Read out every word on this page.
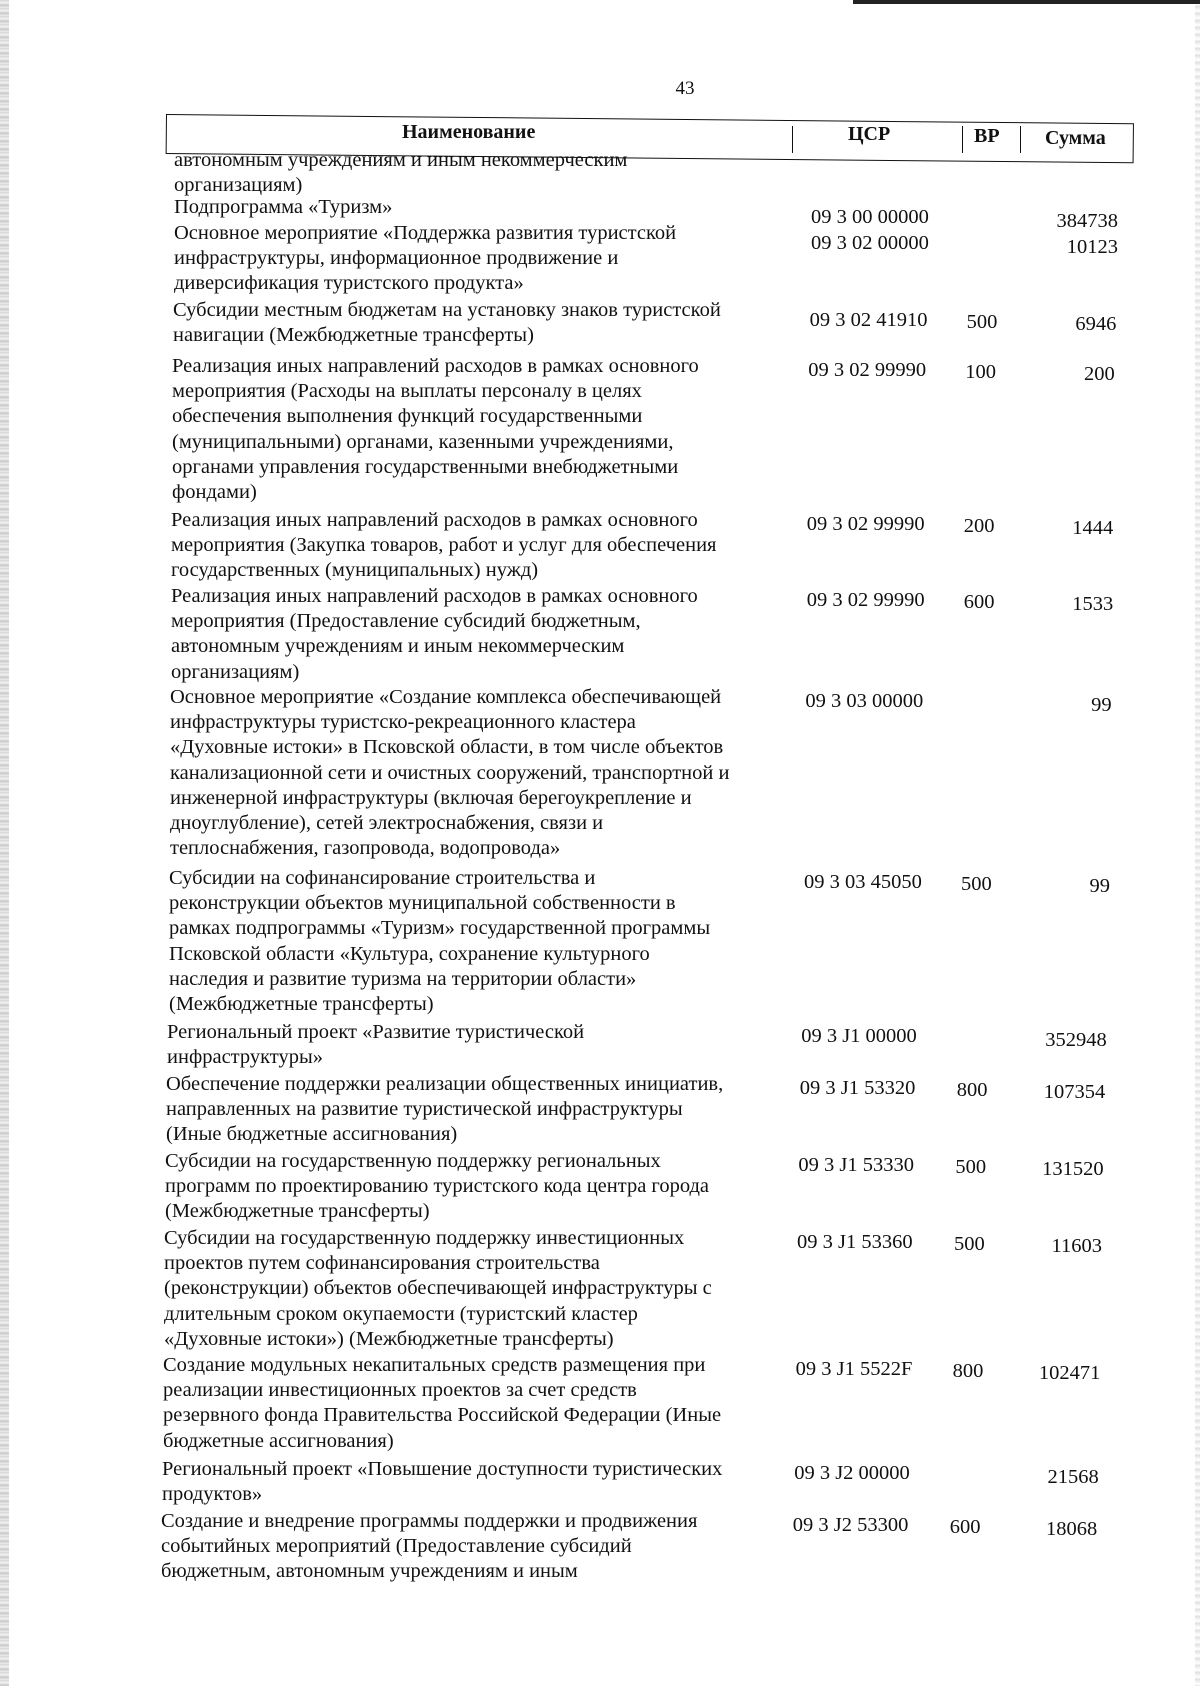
43
Наименование	ЦСР	ВР Сумма
автономным учреждениям и иным некоммерческим
организациям)
Подпрограмма «Туризм»	09 3 00 00000	384738
Основное мероприятие «Поддержка развития туристской
инфраструктуры, информационное продвижение и
диверсификация туристского продукта»
09 3 02 00000	10123
Субсидии местным бюджетам на установку знаков туристской
навигации (Межбюджетные трансферты)
09 3 02 41910 500	6946
Реализация иных направлений расходов в рамках основного
мероприятия (Расходы на выплаты персоналу в целях
обеспечения выполнения функций государственными
(муниципальными) органами, казенными учреждениями,
органами управления государственными внебюджетными
фондами)
09 3 02 99990 100	200
Реализация иных направлений расходов в рамках основного
мероприятия (Закупка товаров, работ и услуг для обеспечения
государственных (муниципальных) нужд)
09 3 02 99990 200	1444
Реализация иных направлений расходов в рамках основного
мероприятия (Предоставление субсидий бюджетным,
автономным учреждениям и иным некоммерческим
организациям)
09 3 02 99990 600	1533
Основное мероприятие «Создание комплекса обеспечивающей
инфраструктуры туристско-рекреационного кластера
«Духовные истоки» в Псковской области, в том числе объектов
канализационной сети и очистных сооружений, транспортной и
инженерной инфраструктуры (включая берегоукрепление и
дноуглубление), сетей электроснабжения, связи и
теплоснабжения, газопровода, водопровода»
09 3 03 00000	99
Субсидии на софинансирование строительства и
реконструкции объектов муниципальной собственности в
рамках подпрограммы «Туризм» государственной программы
Псковской области «Культура, сохранение культурного
наследия и развитие туризма на территории области»
(Межбюджетные трансферты)
09 3 03 45050 500	99
Региональный проект «Развитие туристической
инфраструктуры»
09 3 J1 00000	352948
Обеспечение поддержки реализации общественных инициатив,
направленных на развитие туристической инфраструктуры
(Иные бюджетные ассигнования)
09 3 J1 53320 800	107354
Субсидии на государственную поддержку региональных
программ по проектированию туристского кода центра города
(Межбюджетные трансферты)
09 3 J1 53330 500	131520
Субсидии на государственную поддержку инвестиционных
проектов путем софинансирования строительства
(реконструкции) объектов обеспечивающей инфраструктуры с
длительным сроком окупаемости (туристский кластер
«Духовные истоки») (Межбюджетные трансферты)
09 3 J1 53360 500	11603
Создание модульных некапитальных средств размещения при
реализации инвестиционных проектов за счет средств
резервного фонда Правительства Российской Федерации (Иные
бюджетные ассигнования)
09 3 J1 5522F 800	102471
Региональный проект «Повышение доступности туристических
продуктов»
09 3 J2 00000	21568
Создание и внедрение программы поддержки и продвижения
событийных мероприятий (Предоставление субсидий
бюджетным, автономным учреждениям и иным
09 3 J2 53300 600	18068
